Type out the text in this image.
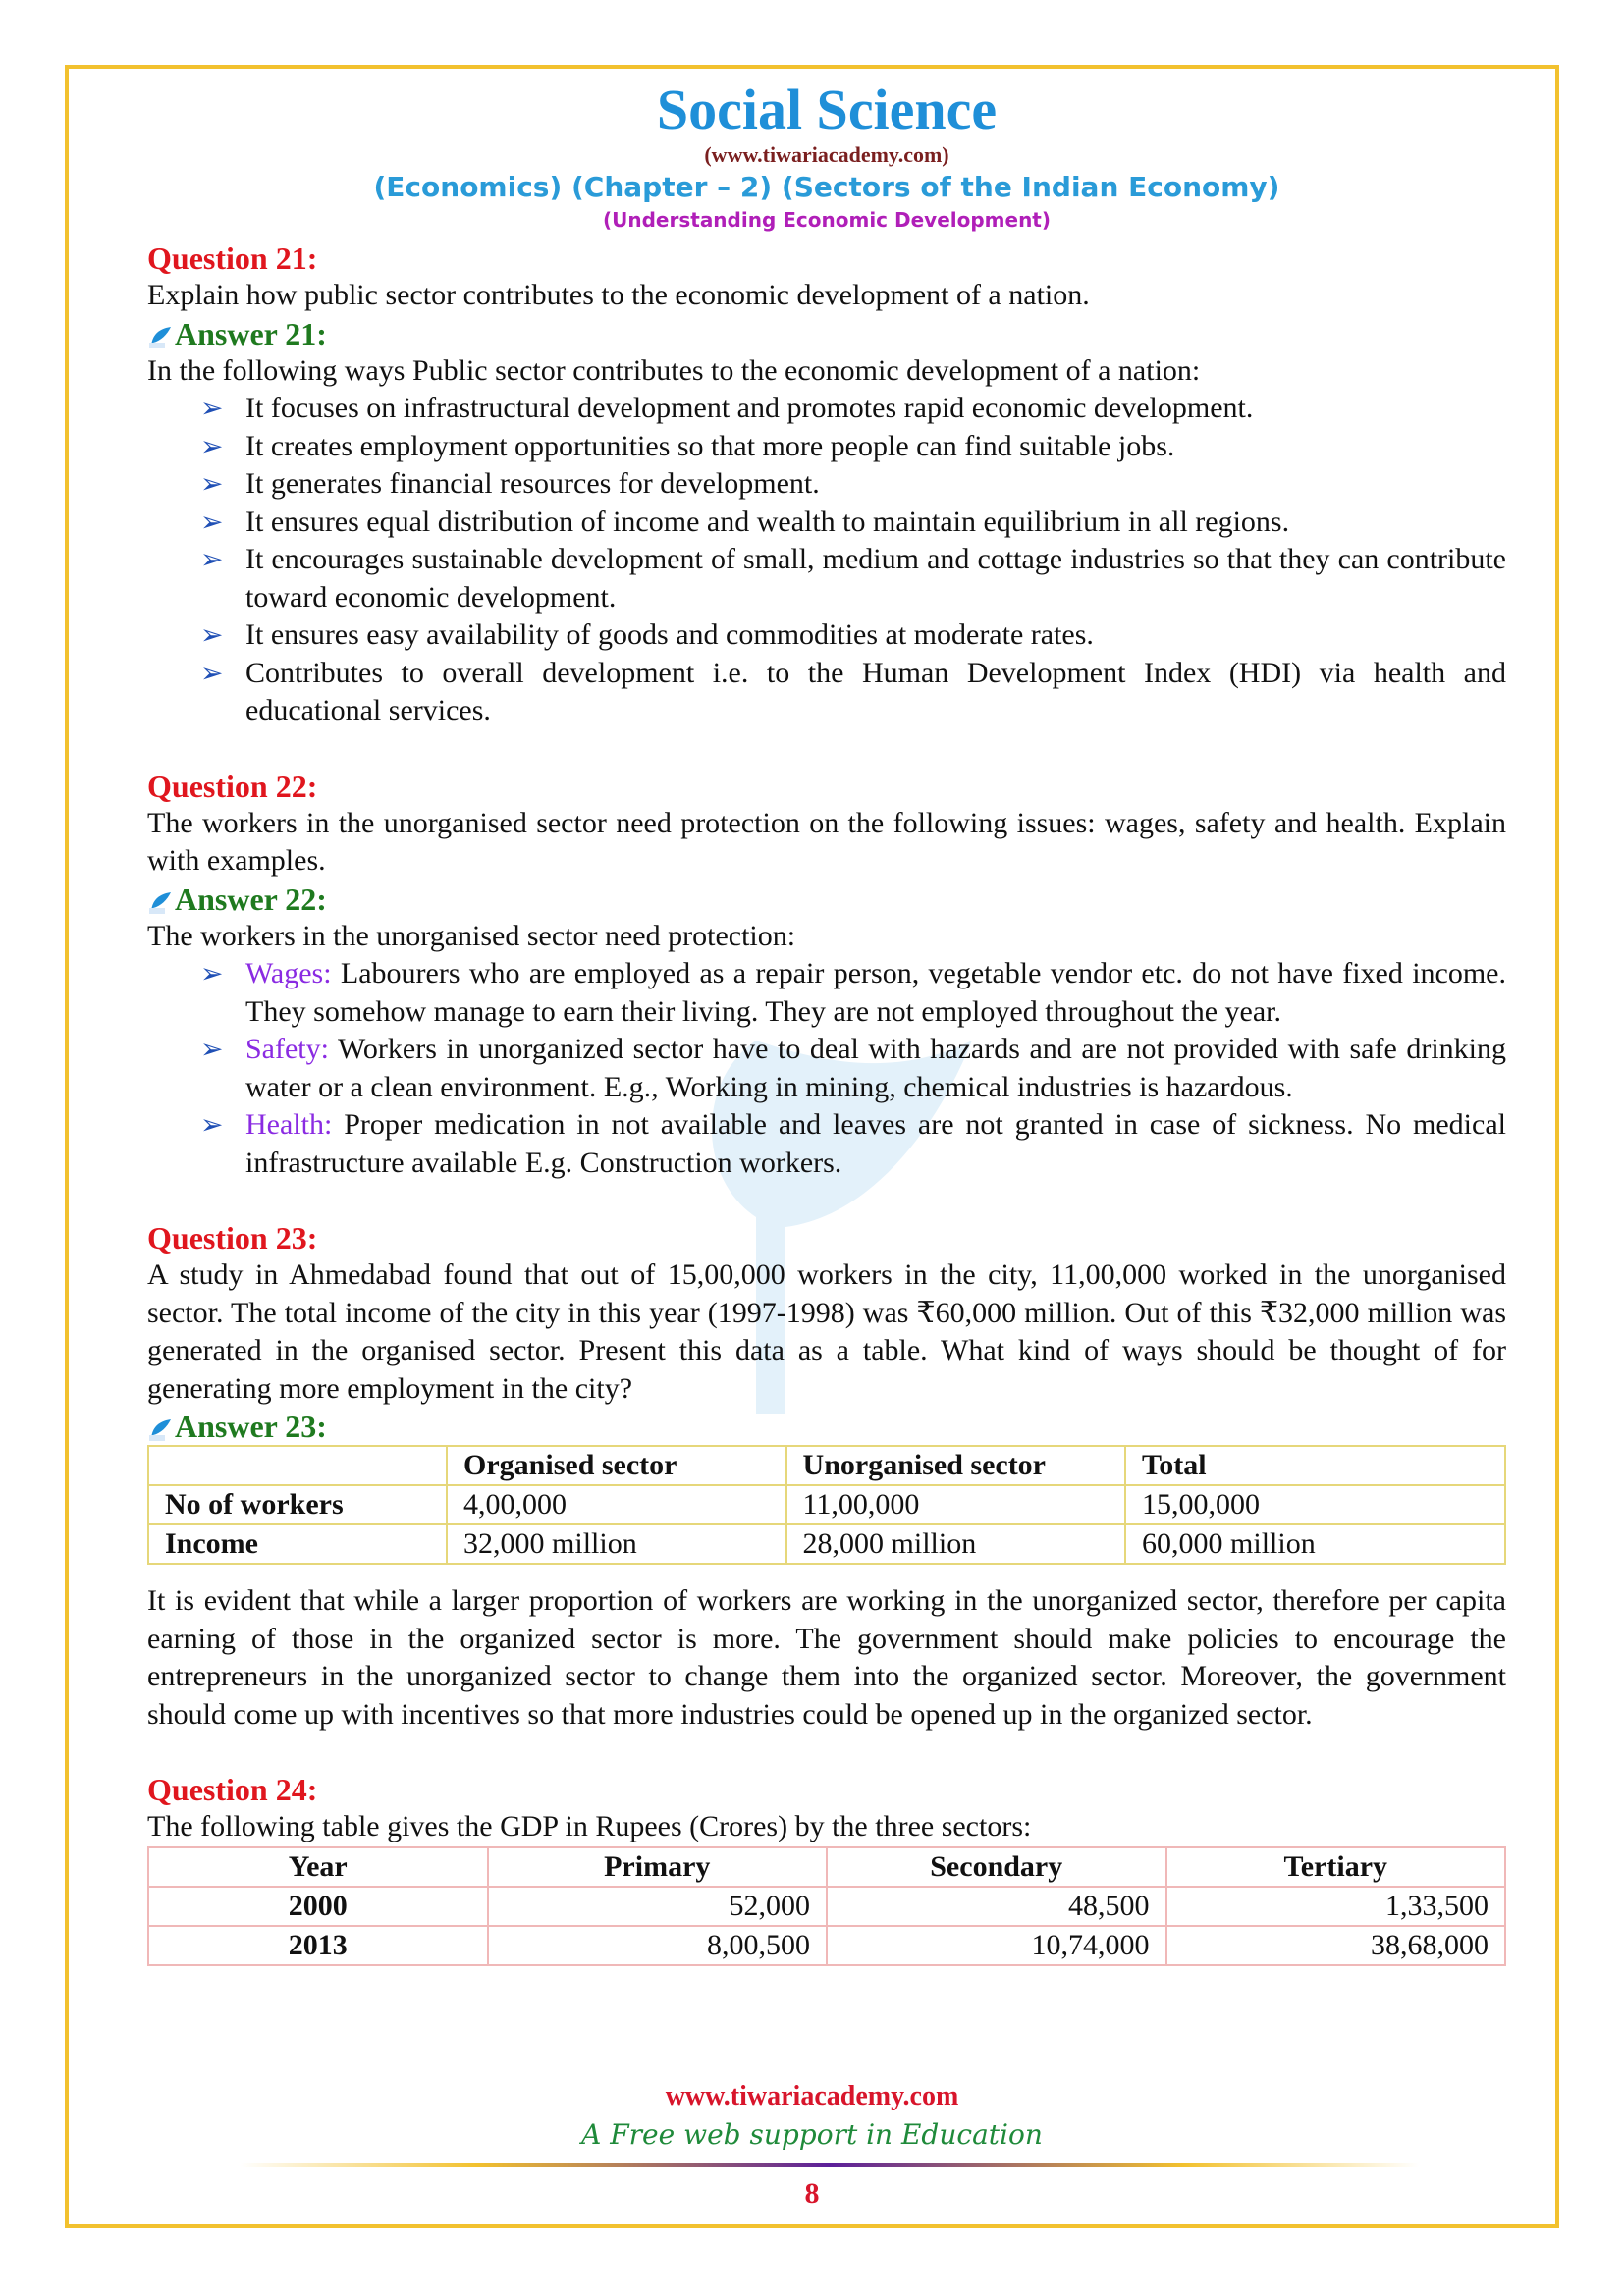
Social Science
(www.tiwariacademy.com)
(Economics) (Chapter – 2) (Sectors of the Indian Economy)
(Understanding Economic Development)
Question 21:
Explain how public sector contributes to the economic development of a nation.
Answer 21:
In the following ways Public sector contributes to the economic development of a nation:
➢ It focuses on infrastructural development and promotes rapid economic development.
➢ It creates employment opportunities so that more people can find suitable jobs.
➢ It generates financial resources for development.
➢ It ensures equal distribution of income and wealth to maintain equilibrium in all regions.
➢ It encourages sustainable development of small, medium and cottage industries so that they can contribute toward economic development.
➢ It ensures easy availability of goods and commodities at moderate rates.
➢ Contributes to overall development i.e. to the Human Development Index (HDI) via health and educational services.
Question 22:
The workers in the unorganised sector need protection on the following issues: wages, safety and health. Explain with examples.
Answer 22:
The workers in the unorganised sector need protection:
➢ Wages: Labourers who are employed as a repair person, vegetable vendor etc. do not have fixed income. They somehow manage to earn their living. They are not employed throughout the year.
➢ Safety: Workers in unorganized sector have to deal with hazards and are not provided with safe drinking water or a clean environment. E.g., Working in mining, chemical industries is hazardous.
➢ Health: Proper medication in not available and leaves are not granted in case of sickness. No medical infrastructure available E.g. Construction workers.
Question 23:
A study in Ahmedabad found that out of 15,00,000 workers in the city, 11,00,000 worked in the unorganised sector. The total income of the city in this year (1997-1998) was ₹60,000 million. Out of this ₹32,000 million was generated in the organised sector. Present this data as a table. What kind of ways should be thought of for generating more employment in the city?
Answer 23:
	Organised sector	Unorganised sector	Total
No of workers	4,00,000	11,00,000	15,00,000
Income	32,000 million	28,000 million	60,000 million
It is evident that while a larger proportion of workers are working in the unorganized sector, therefore per capita earning of those in the organized sector is more. The government should make policies to encourage the entrepreneurs in the unorganized sector to change them into the organized sector. Moreover, the government should come up with incentives so that more industries could be opened up in the organized sector.
Question 24:
The following table gives the GDP in Rupees (Crores) by the three sectors:
Year	Primary	Secondary	Tertiary
2000	52,000	48,500	1,33,500
2013	8,00,500	10,74,000	38,68,000
www.tiwariacademy.com
A Free web support in Education
8
